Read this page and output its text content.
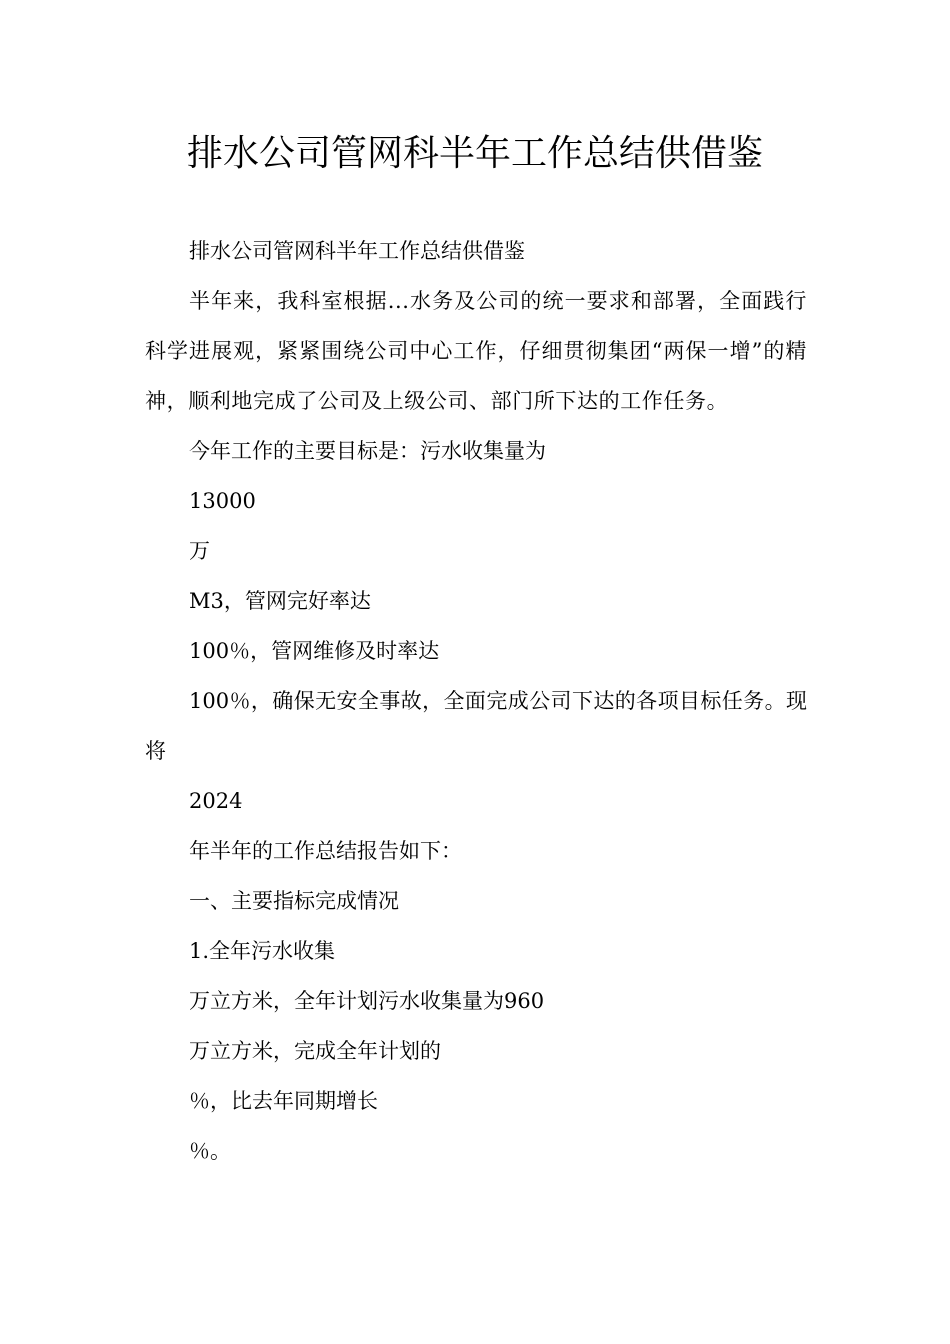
排水公司管网科半年工作总结供借鉴

排水公司管网科半年工作总结供借鉴

半年来，我科室根据...水务及公司的统一要求和部署，全面践行科学进展观，紧紧围绕公司中心工作，仔细贯彻集团“两保一增”的精神，顺利地完成了公司及上级公司、部门所下达的工作任务。

今年工作的主要目标是：污水收集量为

13000

万

M3，管网完好率达

100％，管网维修及时率达

100％，确保无安全事故，全面完成公司下达的各项目标任务。现将

2024

年半年的工作总结报告如下：

一、主要指标完成情况

1.全年污水收集

万立方米，全年计划污水收集量为960

万立方米，完成全年计划的

％，比去年同期增长

％。
